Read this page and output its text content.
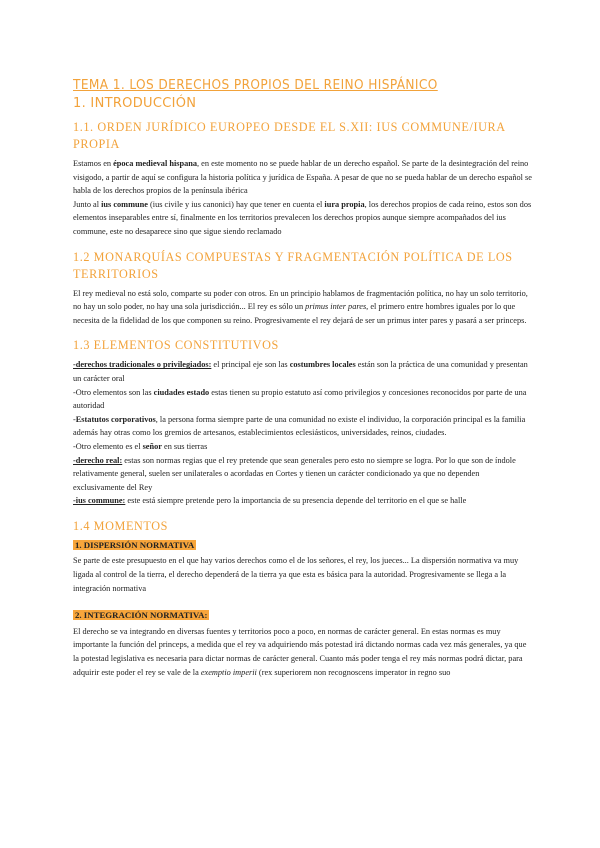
TEMA 1. LOS DERECHOS PROPIOS DEL REINO HISPÁNICO
1. INTRODUCCIÓN
1.1. ORDEN JURÍDICO EUROPEO DESDE EL S.XII: IUS COMMUNE/IURA PROPIA

Estamos en época medieval hispana, en este momento no se puede hablar de un derecho español. Se parte de la desintegración del reino visigodo, a partir de aquí se configura la historia política y jurídica de España. A pesar de que no se pueda hablar de un derecho español se habla de los derechos propios de la península ibérica

Junto al ius commune (ius civile y ius canonici) hay que tener en cuenta el iura propia, los derechos propios de cada reino, estos son dos elementos inseparables entre sí, finalmente en los territorios prevalecen los derechos propios aunque siempre acompañados del ius commune, este no desaparece sino que sigue siendo reclamado

1.2 MONARQUÍAS COMPUESTAS Y FRAGMENTACIÓN POLÍTICA DE LOS TERRITORIOS

El rey medieval no está solo, comparte su poder con otros. En un principio hablamos de fragmentación política, no hay un solo territorio, no hay un solo poder, no hay una sola jurisdicción... El rey es sólo un primus inter pares, el primero entre hombres iguales por lo que necesita de la fidelidad de los que componen su reino. Progresivamente el rey dejará de ser un primus inter pares y pasará a ser princeps.

1.3 ELEMENTOS CONSTITUTIVOS

-derechos tradicionales o privilegiados: el principal eje son las costumbres locales están son la práctica de una comunidad y presentan un carácter oral

-Otro elementos son las ciudades estado estas tienen su propio estatuto así como privilegios y concesiones reconocidos por parte de una autoridad

-Estatutos corporativos, la persona forma siempre parte de una comunidad no existe el individuo, la corporación principal es la familia además hay otras como los gremios de artesanos, establecimientos eclesiásticos, universidades, reinos, ciudades.

-Otro elemento es el señor en sus tierras

-derecho real: estas son normas regias que el rey pretende que sean generales pero esto no siempre se logra. Por lo que son de índole relativamente general, suelen ser unilaterales o acordadas en Cortes y tienen un carácter condicionado ya que no dependen exclusivamente del Rey

-ius commune: este está siempre pretende pero la importancia de su presencia depende del territorio en el que se halle

1.4 MOMENTOS

1. DISPERSIÓN NORMATIVA

Se parte de este presupuesto en el que hay varios derechos como el de los señores, el rey, los jueces... La dispersión normativa va muy ligada al control de la tierra, el derecho dependerá de la tierra ya que esta es básica para la autoridad. Progresivamente se llega a la integración normativa

2. INTEGRACIÓN NORMATIVA:

El derecho se va integrando en diversas fuentes y territorios poco a poco, en normas de carácter general. En estas normas es muy importante la función del princeps, a medida que el rey va adquiriendo más potestad irá dictando normas cada vez más generales, ya que la potestad legislativa es necesaria para dictar normas de carácter general. Cuanto más poder tenga el rey más normas podrá dictar, para adquirir este poder el rey se vale de la exemptio imperii (rex superiorem non recognoscens imperator in regno suo
